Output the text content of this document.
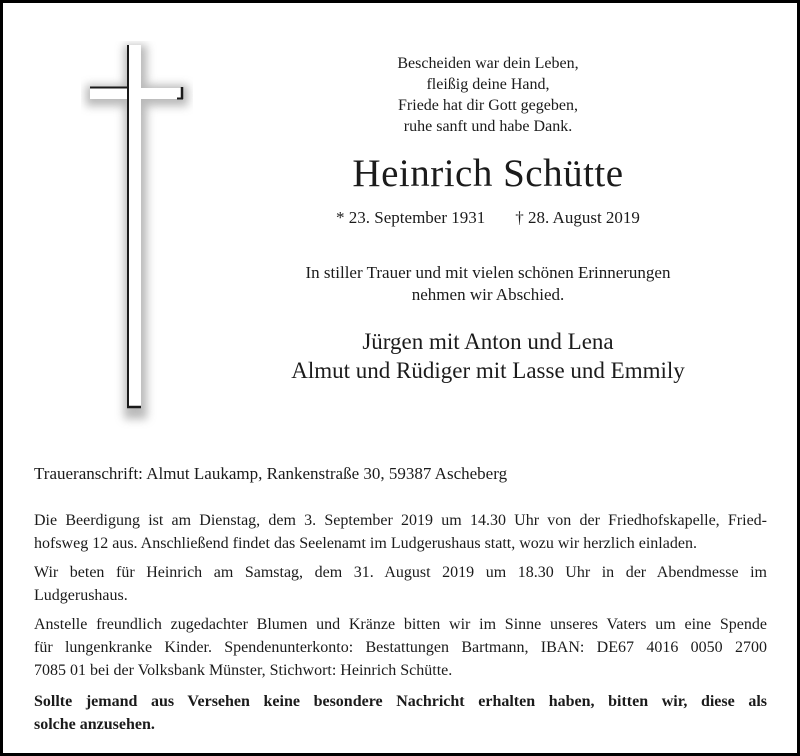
Bescheiden war dein Leben,
fleißig deine Hand,
Friede hat dir Gott gegeben,
ruhe sanft und habe Dank.
Heinrich Schütte
* 23. September 1931 † 28. August 2019
In stiller Trauer und mit vielen schönen Erinnerungen
nehmen wir Abschied.
Jürgen mit Anton und Lena
Almut und Rüdiger mit Lasse und Emmily
Traueranschrift: Almut Laukamp, Rankenstraße 30, 59387 Ascheberg

Die Beerdigung ist am Dienstag, dem 3. September 2019 um 14.30 Uhr von der Friedhofskapelle, Fried-
hofsweg 12 aus. Anschließend findet das Seelenamt im Ludgerushaus statt, wozu wir herzlich einladen.

Wir beten für Heinrich am Samstag, dem 31. August 2019 um 18.30 Uhr in der Abendmesse im
Ludgerushaus.

Anstelle freundlich zugedachter Blumen und Kränze bitten wir im Sinne unseres Vaters um eine Spende
für lungenkranke Kinder. Spendenunterkonto: Bestattungen Bartmann, IBAN: DE67 4016 0050 2700
7085 01 bei der Volksbank Münster, Stichwort: Heinrich Schütte.

Sollte jemand aus Versehen keine besondere Nachricht erhalten haben, bitten wir, diese als
solche anzusehen.
